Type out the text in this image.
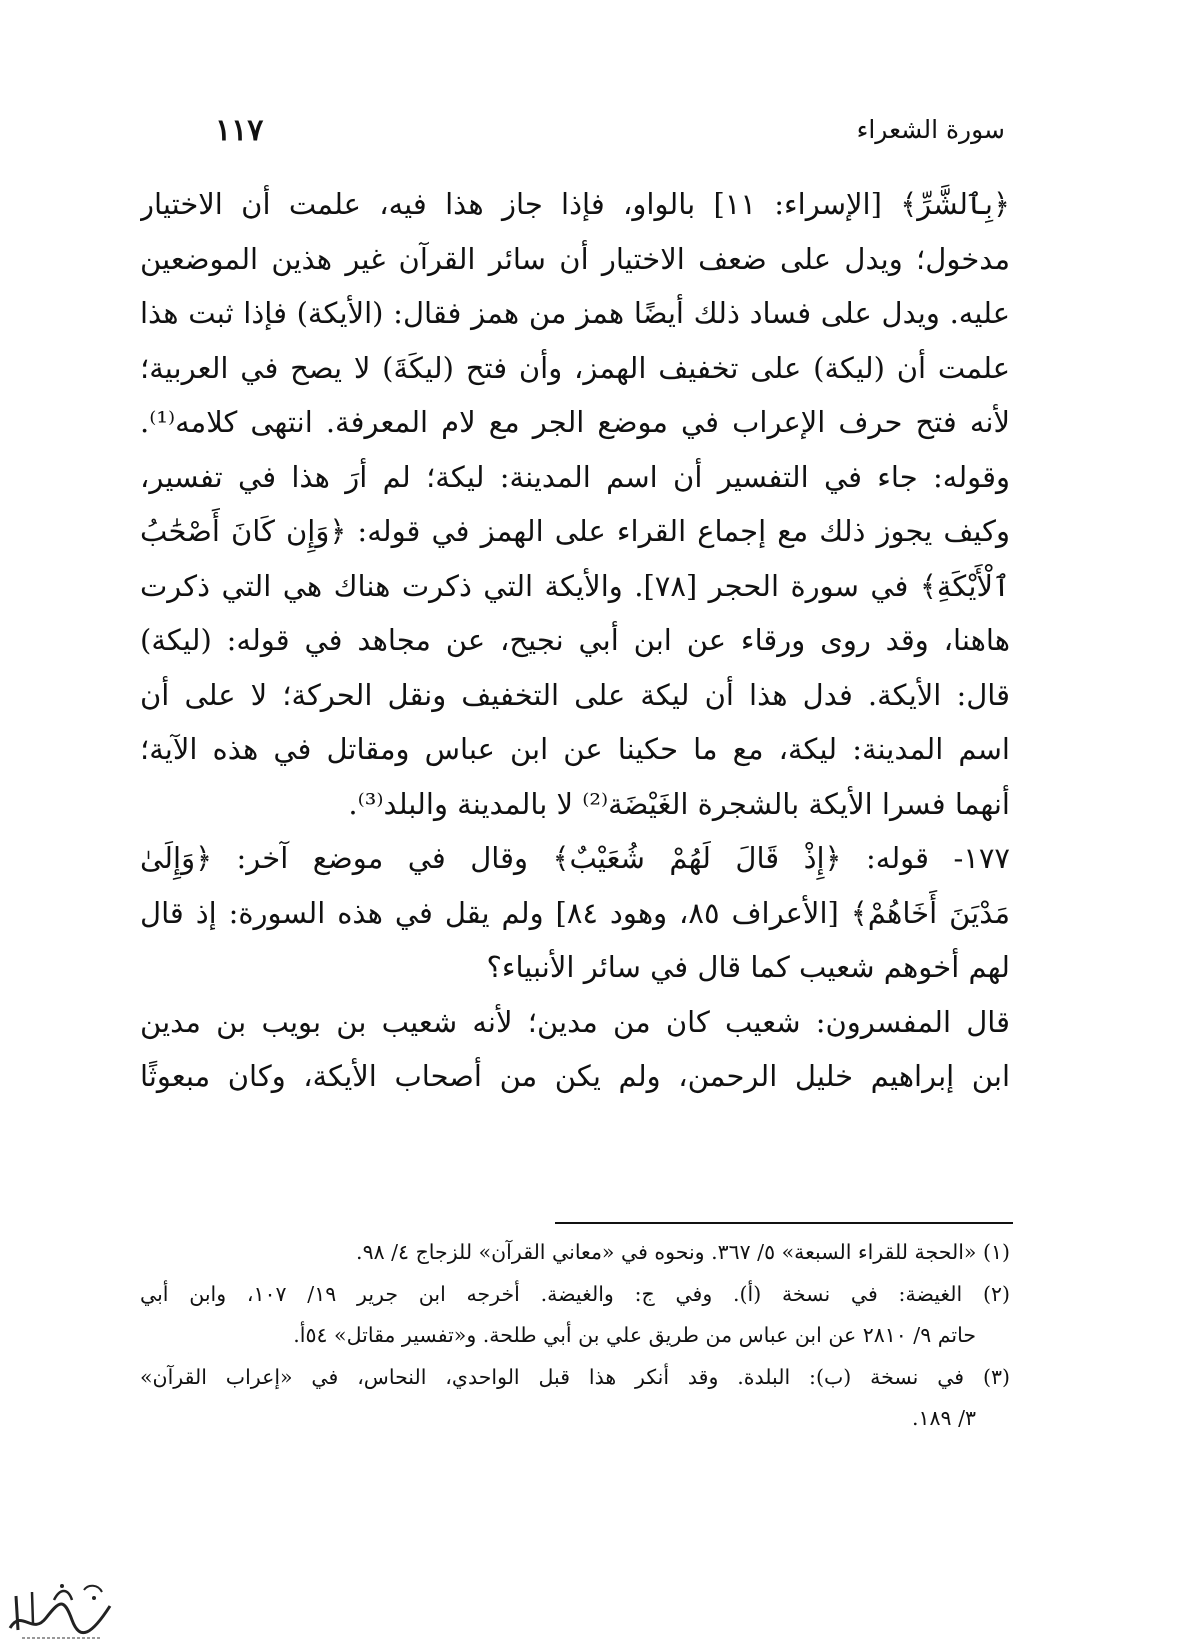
سورة الشعراء
١١٧
﴿بِٱلشَّرِّ﴾ [الإسراء: ١١] بالواو، فإذا جاز هذا فيه، علمت أن الاختيار
مدخول؛ ويدل على ضعف الاختيار أن سائر القرآن غير هذين الموضعين
عليه. ويدل على فساد ذلك أيضًا همز من همز فقال: (الأيكة) فإذا ثبت هذا
علمت أن (ليكة) على تخفيف الهمز، وأن فتح (ليكَةَ) لا يصح في العربية؛
لأنه فتح حرف الإعراب في موضع الجر مع لام المعرفة. انتهى كلامه⁽¹⁾.
وقوله: جاء في التفسير أن اسم المدينة: ليكة؛ لم أرَ هذا في تفسير،
وكيف يجوز ذلك مع إجماع القراء على الهمز في قوله: ﴿وَإِن كَانَ أَصْحَٰبُ
ٱلْأَيْكَةِ﴾ في سورة الحجر [٧٨]. والأيكة التي ذكرت هناك هي التي ذكرت
هاهنا، وقد روى ورقاء عن ابن أبي نجيح، عن مجاهد في قوله: (ليكة)
قال: الأيكة. فدل هذا أن ليكة على التخفيف ونقل الحركة؛ لا على أن
اسم المدينة: ليكة، مع ما حكينا عن ابن عباس ومقاتل في هذه الآية؛
أنهما فسرا الأيكة بالشجرة الغَيْضَة⁽²⁾ لا بالمدينة والبلد⁽³⁾.
١٧٧- قوله: ﴿إِذْ قَالَ لَهُمْ شُعَيْبٌ﴾ وقال في موضع آخر: ﴿وَإِلَىٰ
مَدْيَنَ أَخَاهُمْ﴾ [الأعراف ٨٥، وهود ٨٤] ولم يقل في هذه السورة: إذ قال
لهم أخوهم شعيب كما قال في سائر الأنبياء؟
قال المفسرون: شعيب كان من مدين؛ لأنه شعيب بن بويب بن مدين
ابن إبراهيم خليل الرحمن، ولم يكن من أصحاب الأيكة، وكان مبعوثًا
(١) «الحجة للقراء السبعة» ٥/ ٣٦٧. ونحوه في «معاني القرآن» للزجاج ٤/ ٩٨.
(٢) الغيضة: في نسخة (أ). وفي ج: والغيضة. أخرجه ابن جرير ١٩/ ١٠٧، وابن أبي
حاتم ٩/ ٢٨١٠ عن ابن عباس من طريق علي بن أبي طلحة. و«تفسير مقاتل» ٥٤أ.
(٣) في نسخة (ب): البلدة. وقد أنكر هذا قبل الواحدي، النحاس، في «إعراب القرآن»
٣/ ١٨٩.
